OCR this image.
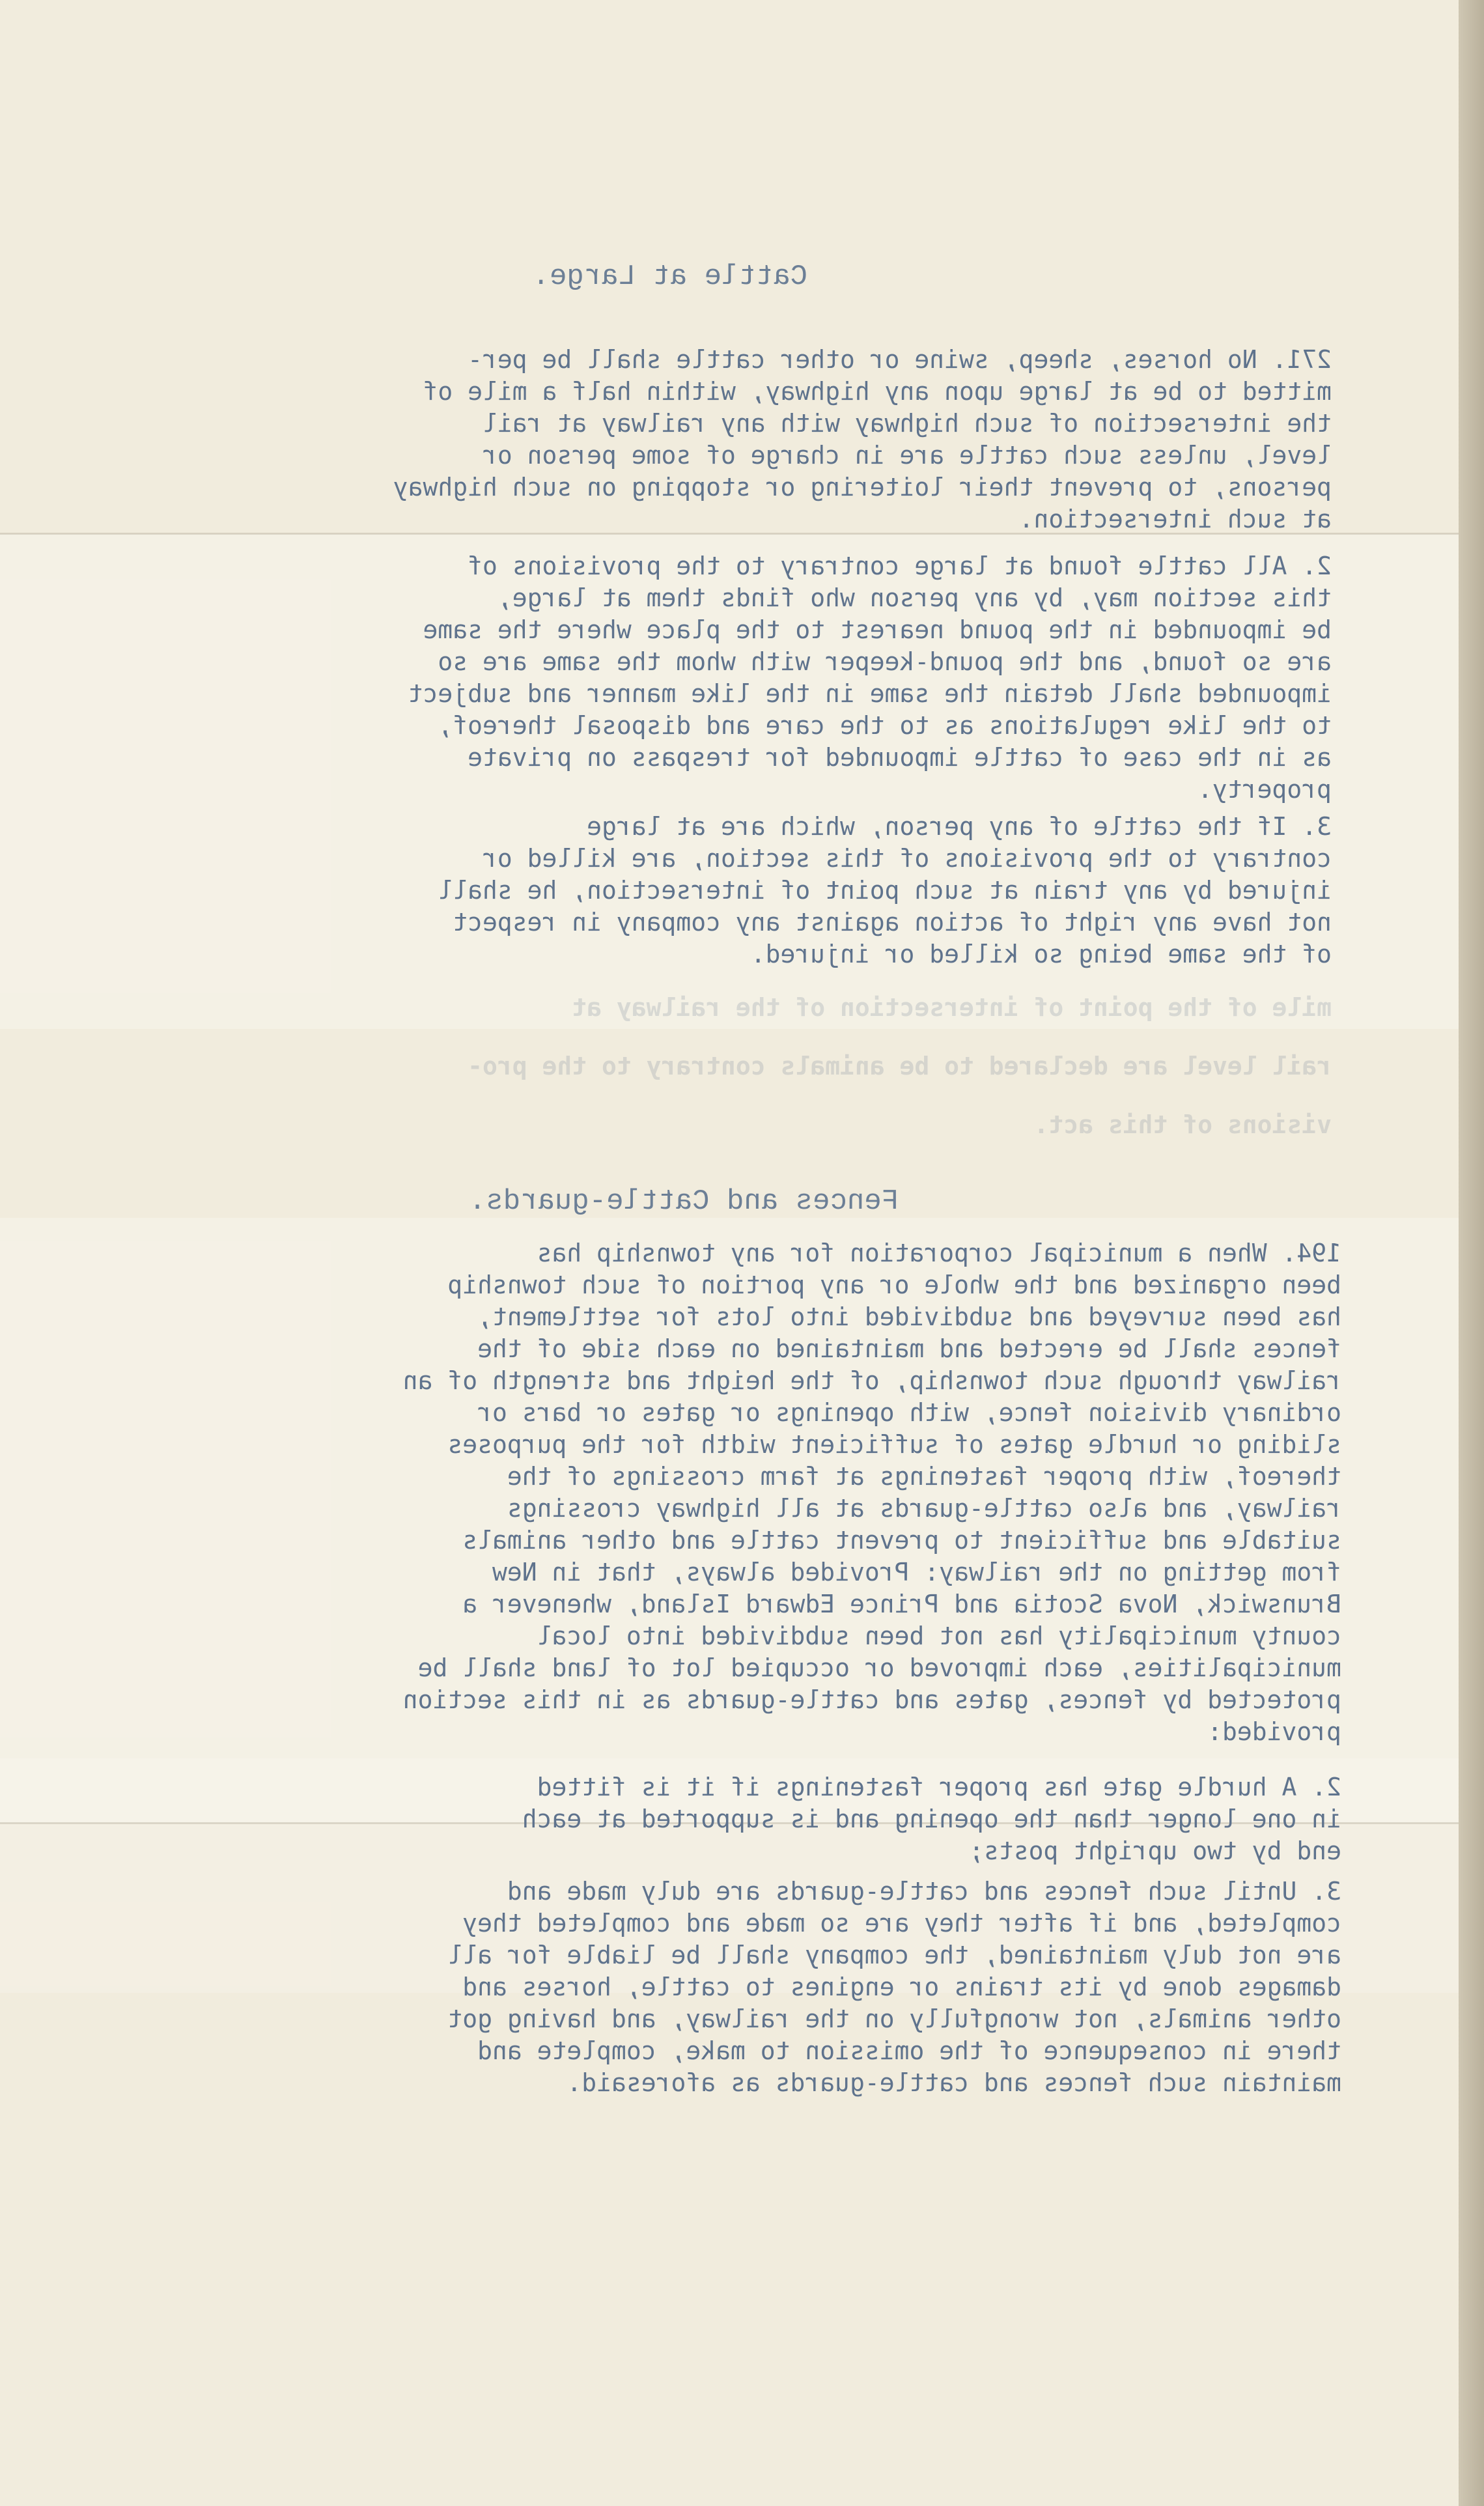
Cattle at Large.
271. No horses, sheep, swine or other cattle shall be per-
mitted to be at large upon any highway, within half a mile of
the intersection of such highway with any railway at rail
level, unless such cattle are in charge of some person or
persons, to prevent their loitering or stopping on such highway
at such intersection.
2. All cattle found at large contrary to the provisions of
this section may, by any person who finds them at large,
be impounded in the pound nearest to the place where the same
are so found, and the pound-keeper with whom the same are so
impounded shall detain the same in the like manner and subject
to the like regulations as to the care and disposal thereof,
as in the case of cattle impounded for trespass on private
property.
3. If the cattle of any person, which are at large
contrary to the provisions of this section, are killed or
injured by any train at such point of intersection, he shall
not have any right of action against any company in respect
of the same being so killed or injured.
mile of the point of intersection of the railway at
rail level are declared to be animals contrary to the pro-
visions of this act.
Fences and Cattle-guards.
194. When a municipal corporation for any township has
been organized and the whole or any portion of such township
has been surveyed and subdivided into lots for settlement,
fences shall be erected and maintained on each side of the
railway through such township, of the height and strength of an
ordinary division fence, with openings or gates or bars or
sliding or hurdle gates of sufficient width for the purposes
thereof, with proper fastenings at farm crossings of the
railway, and also cattle-guards at all highway crossings
suitable and sufficient to prevent cattle and other animals
from getting on the railway: Provided always, that in New
Brunswick, Nova Scotia and Prince Edward Island, whenever a
county municipality has not been subdivided into local
municipalities, each improved or occupied lot of land shall be
protected by fences, gates and cattle-guards as in this section
provided:
2. A hurdle gate has proper fastenings if it is fitted
in one longer than the opening and is supported at each
end by two upright posts;
3. Until such fences and cattle-guards are duly made and
completed, and if after they are so made and completed they
are not duly maintained, the company shall be liable for all
damages done by its trains or engines to cattle, horses and
other animals, not wrongfully on the railway, and having got
there in consequence of the omission to make, complete and
maintain such fences and cattle-guards as aforesaid.
